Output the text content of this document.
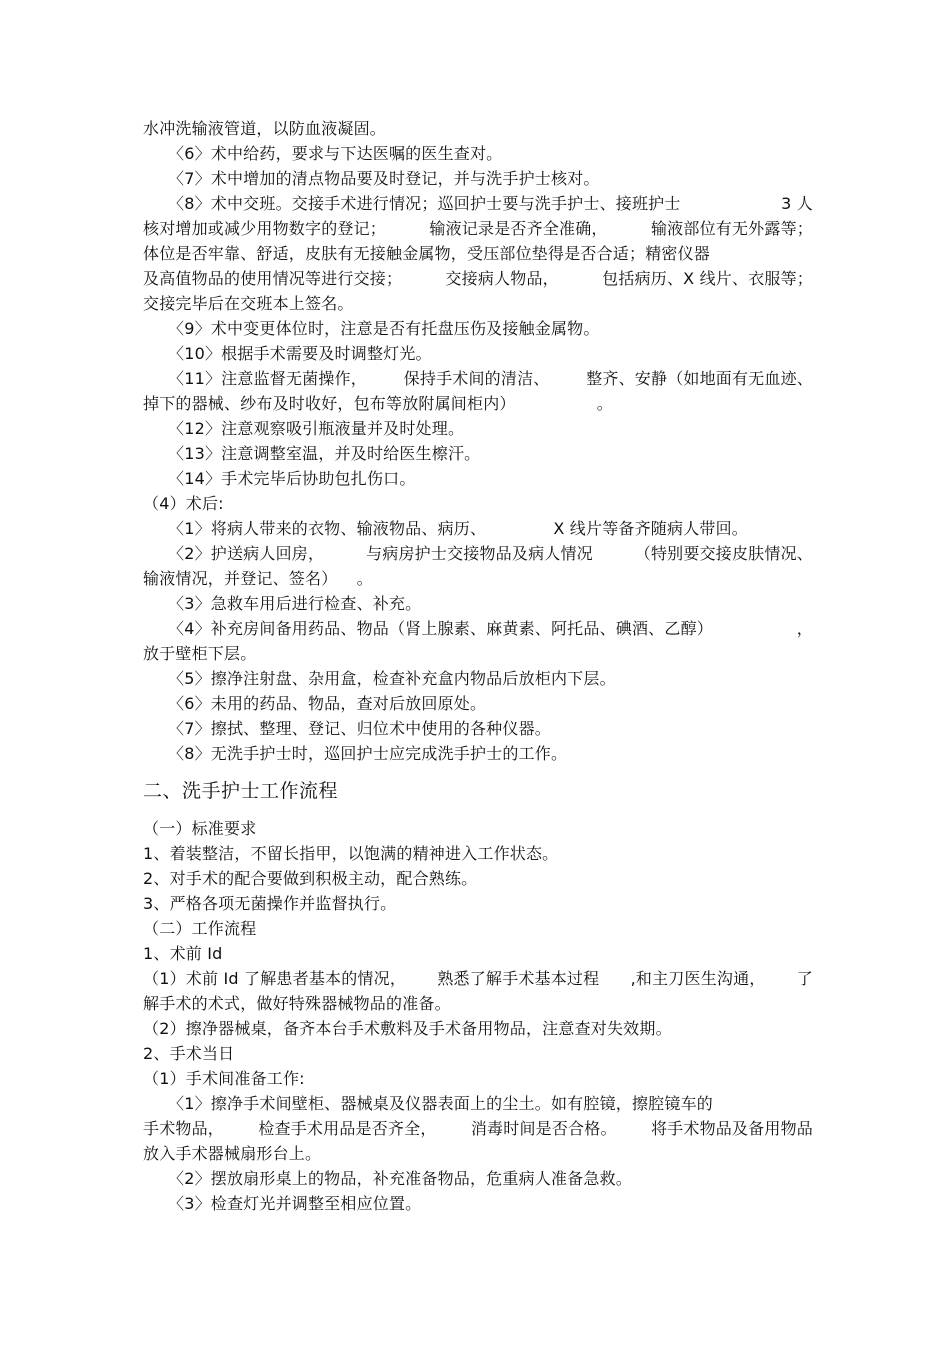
水冲洗输液管道，以防血液凝固。
〈6〉术中给药，要求与下达医嘱的医生查对。
〈7〉术中增加的清点物品要及时登记，并与洗手护士核对。
〈8〉术中交班。交接手术进行情况；巡回护士要与洗手护士、接班护士	3 人
核对增加或减少用物数字的登记；	输液记录是否齐全准确，	输液部位有无外露等；
体位是否牢靠、舒适，皮肤有无接触金属物，受压部位垫得是否合适；精密仪器
及高值物品的使用情况等进行交接；	交接病人物品，	包括病历、X 线片、衣服等；
交接完毕后在交班本上签名。
〈9〉术中变更体位时，注意是否有托盘压伤及接触金属物。
〈10〉根据手术需要及时调整灯光。
〈11〉注意监督无菌操作， 保持手术间的清洁、 整齐、安静（如地面有无血迹、
掉下的器械、纱布及时收好，包布等放附属间柜内）	。
〈12〉注意观察吸引瓶液量并及时处理。
〈13〉注意调整室温，并及时给医生檫汗。
〈14〉手术完毕后协助包扎伤口。
（4）术后:
〈1〉将病人带来的衣物、输液物品、病历、	X 线片等备齐随病人带回。
〈2〉护送病人回房，	与病房护士交接物品及病人情况	（特别要交接皮肤情况、
输液情况，并登记、签名） 。
〈3〉急救车用后进行检查、补充。
〈4〉补充房间备用药品、物品（肾上腺素、麻黄素、阿托品、碘酒、乙醇）	，
放于壁柜下层。
〈5〉擦净注射盘、杂用盒，检查补充盒内物品后放柜内下层。
〈6〉未用的药品、物品，查对后放回原处。
〈7〉擦拭、整理、登记、归位术中使用的各种仪器。
〈8〉无洗手护士时，巡回护士应完成洗手护士的工作。
二、洗手护士工作流程
（一）标准要求
1、着装整洁，不留长指甲，以饱满的精神进入工作状态。
2、对手术的配合要做到积极主动，配合熟练。
3、严格各项无菌操作并监督执行。
（二）工作流程
1、术前 Id
（1）术前 Id 了解患者基本的情况， 熟悉了解手术基本过程 ,和主刀医生沟通， 了
解手术的术式，做好特殊器械物品的准备。
（2）擦净器械桌，备齐本台手术敷料及手术备用物品，注意查对失效期。
2、手术当日
（1）手术间准备工作:
〈1〉擦净手术间壁柜、器械桌及仪器表面上的尘土。如有腔镜，擦腔镜车的
手术物品， 检查手术用品是否齐全， 消毒时间是否合格。 将手术物品及备用物品
放入手术器械扇形台上。
〈2〉摆放扇形桌上的物品，补充准备物品，危重病人准备急救。
〈3〉检查灯光并调整至相应位置。
